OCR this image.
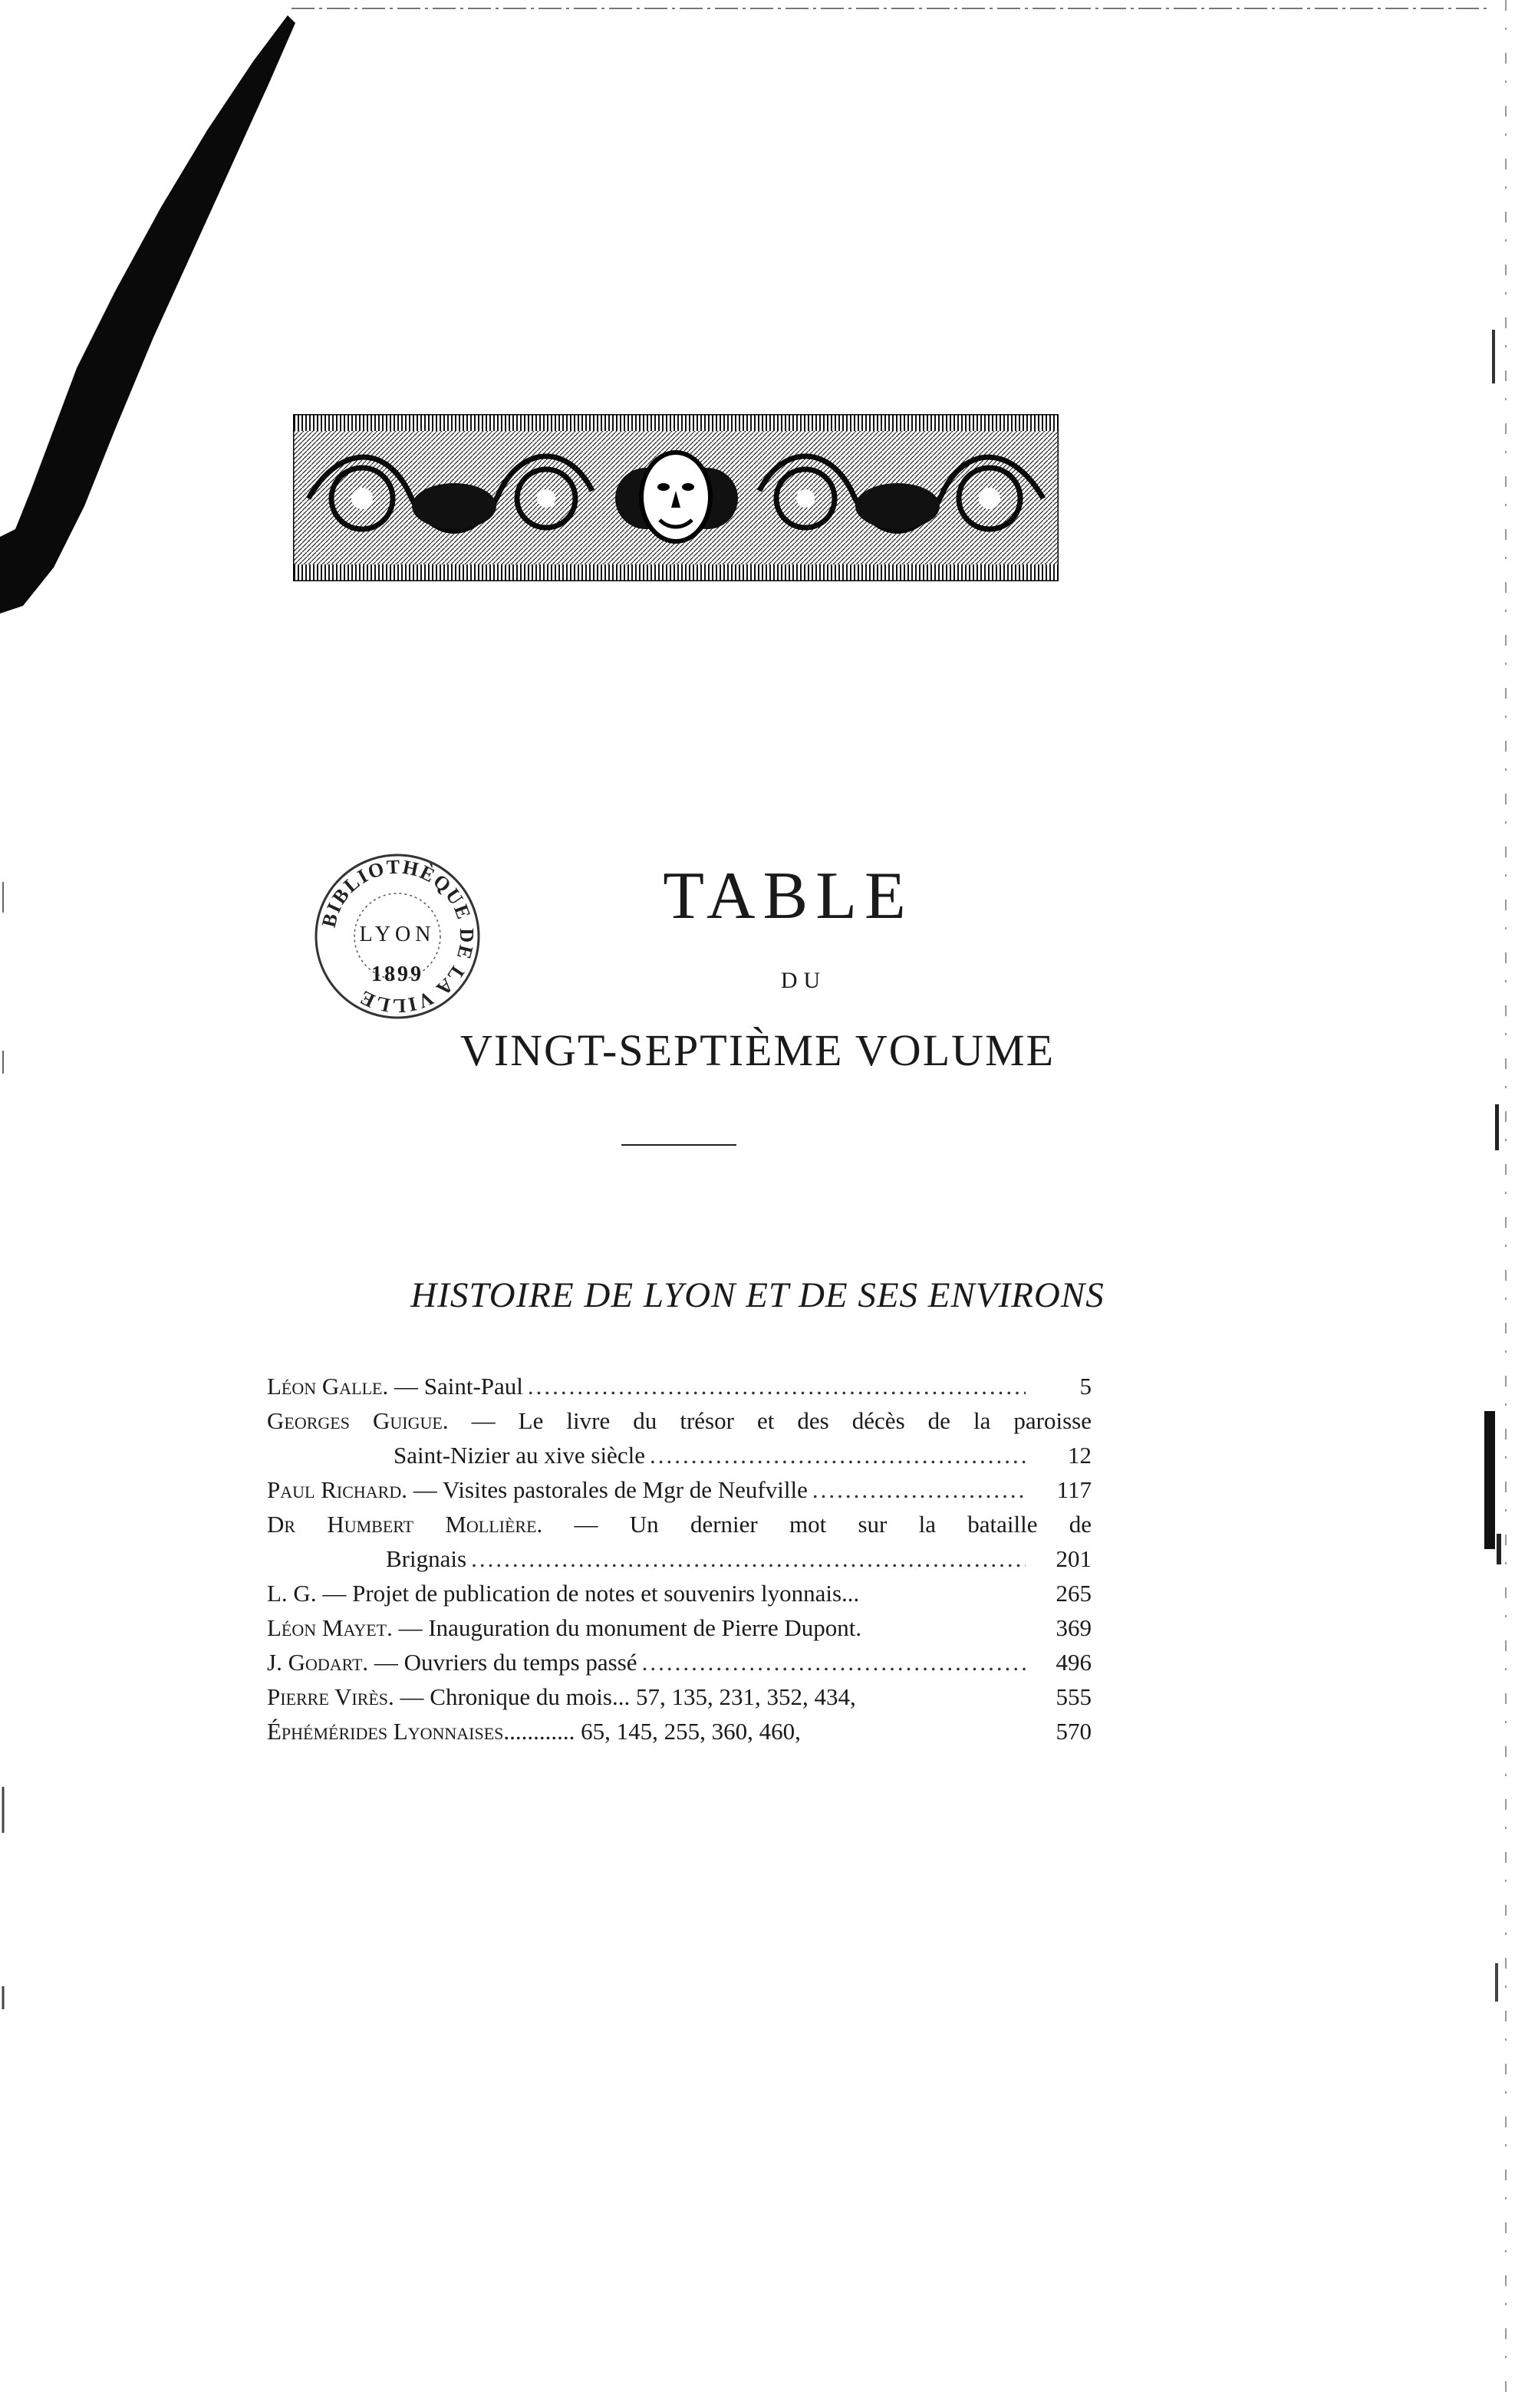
BIBLIOTHÈQUE DE LA VILLE
LYON
1899
TABLE
DU
VINGT-SEPTIÈME VOLUME
HISTOIRE DE LYON ET DE SES ENVIRONS
Léon Galle. — Saint-Paul .....	5
Georges Guigue. — Le livre du trésor et des décès de la paroisse
Saint-Nizier au xive siècle .....	12
Paul Richard. — Visites pastorales de Mgr de Neufville .....	117
Dr Humbert Mollière. — Un dernier mot sur la bataille de
Brignais .....	201
L. G. — Projet de publication de notes et souvenirs lyonnais...	265
Léon Mayet. — Inauguration du monument de Pierre Dupont.	369
J. Godart. — Ouvriers du temps passé .....	496
Pierre Virès. — Chronique du mois... 57, 135, 231, 352, 434,	555
Éphémérides Lyonnaises............ 65, 145, 255, 360, 460,	570
